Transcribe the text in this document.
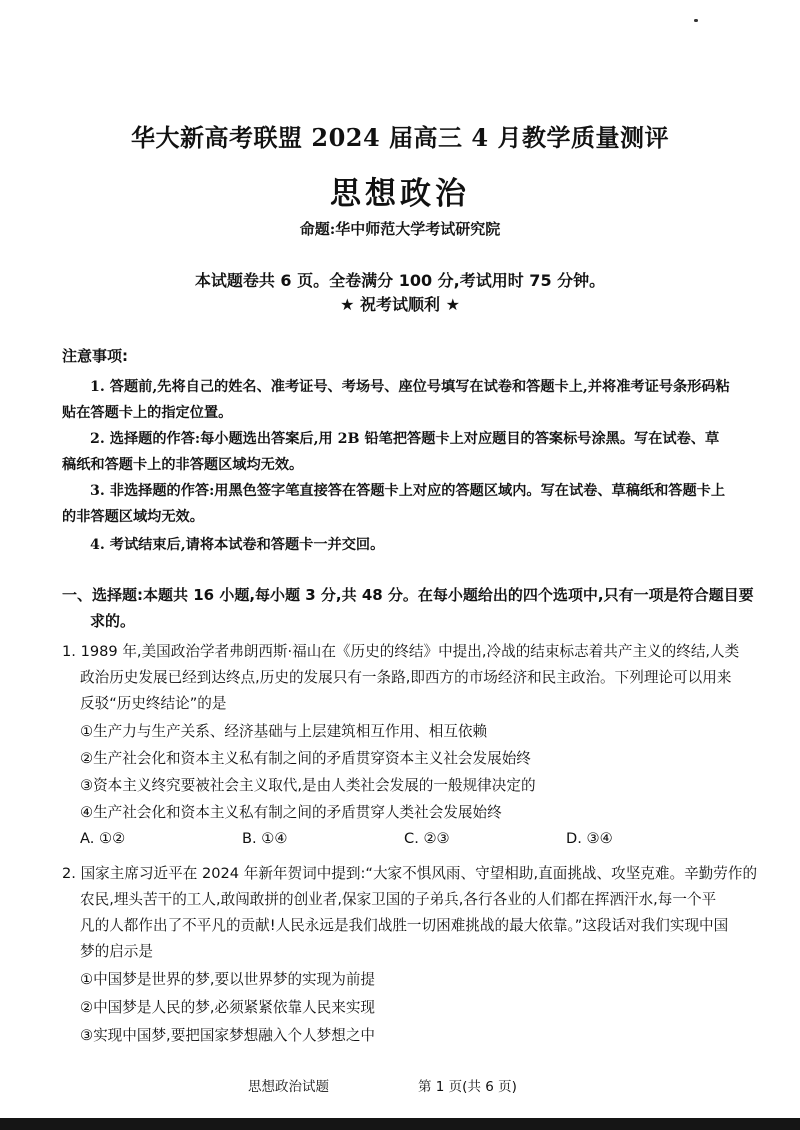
华大新高考联盟 2024 届高三 4 月教学质量测评
思想政治
命题:华中师范大学考试研究院
本试题卷共 6 页。全卷满分 100 分,考试用时 75 分钟。
★ 祝考试顺利 ★
注意事项:
1. 答题前,先将自己的姓名、准考证号、考场号、座位号填写在试卷和答题卡上,并将准考证号条形码粘
贴在答题卡上的指定位置。
2. 选择题的作答:每小题选出答案后,用 2B 铅笔把答题卡上对应题目的答案标号涂黑。写在试卷、草
稿纸和答题卡上的非答题区域均无效。
3. 非选择题的作答:用黑色签字笔直接答在答题卡上对应的答题区域内。写在试卷、草稿纸和答题卡上
的非答题区域均无效。
4. 考试结束后,请将本试卷和答题卡一并交回。
一、选择题:本题共 16 小题,每小题 3 分,共 48 分。在每小题给出的四个选项中,只有一项是符合题目要
求的。
1. 1989 年,美国政治学者弗朗西斯·福山在《历史的终结》中提出,冷战的结束标志着共产主义的终结,人类
政治历史发展已经到达终点,历史的发展只有一条路,即西方的市场经济和民主政治。下列理论可以用来
反驳“历史终结论”的是
①生产力与生产关系、经济基础与上层建筑相互作用、相互依赖
②生产社会化和资本主义私有制之间的矛盾贯穿资本主义社会发展始终
③资本主义终究要被社会主义取代,是由人类社会发展的一般规律决定的
④生产社会化和资本主义私有制之间的矛盾贯穿人类社会发展始终
A. ①②	B. ①④	C. ②③	D. ③④
2. 国家主席习近平在 2024 年新年贺词中提到:“大家不惧风雨、守望相助,直面挑战、攻坚克难。辛勤劳作的
农民,埋头苦干的工人,敢闯敢拼的创业者,保家卫国的子弟兵,各行各业的人们都在挥洒汗水,每一个平
凡的人都作出了不平凡的贡献!人民永远是我们战胜一切困难挑战的最大依靠。”这段话对我们实现中国
梦的启示是
①中国梦是世界的梦,要以世界梦的实现为前提
②中国梦是人民的梦,必须紧紧依靠人民来实现
③实现中国梦,要把国家梦想融入个人梦想之中
思想政治试题	第 1 页(共 6 页)
